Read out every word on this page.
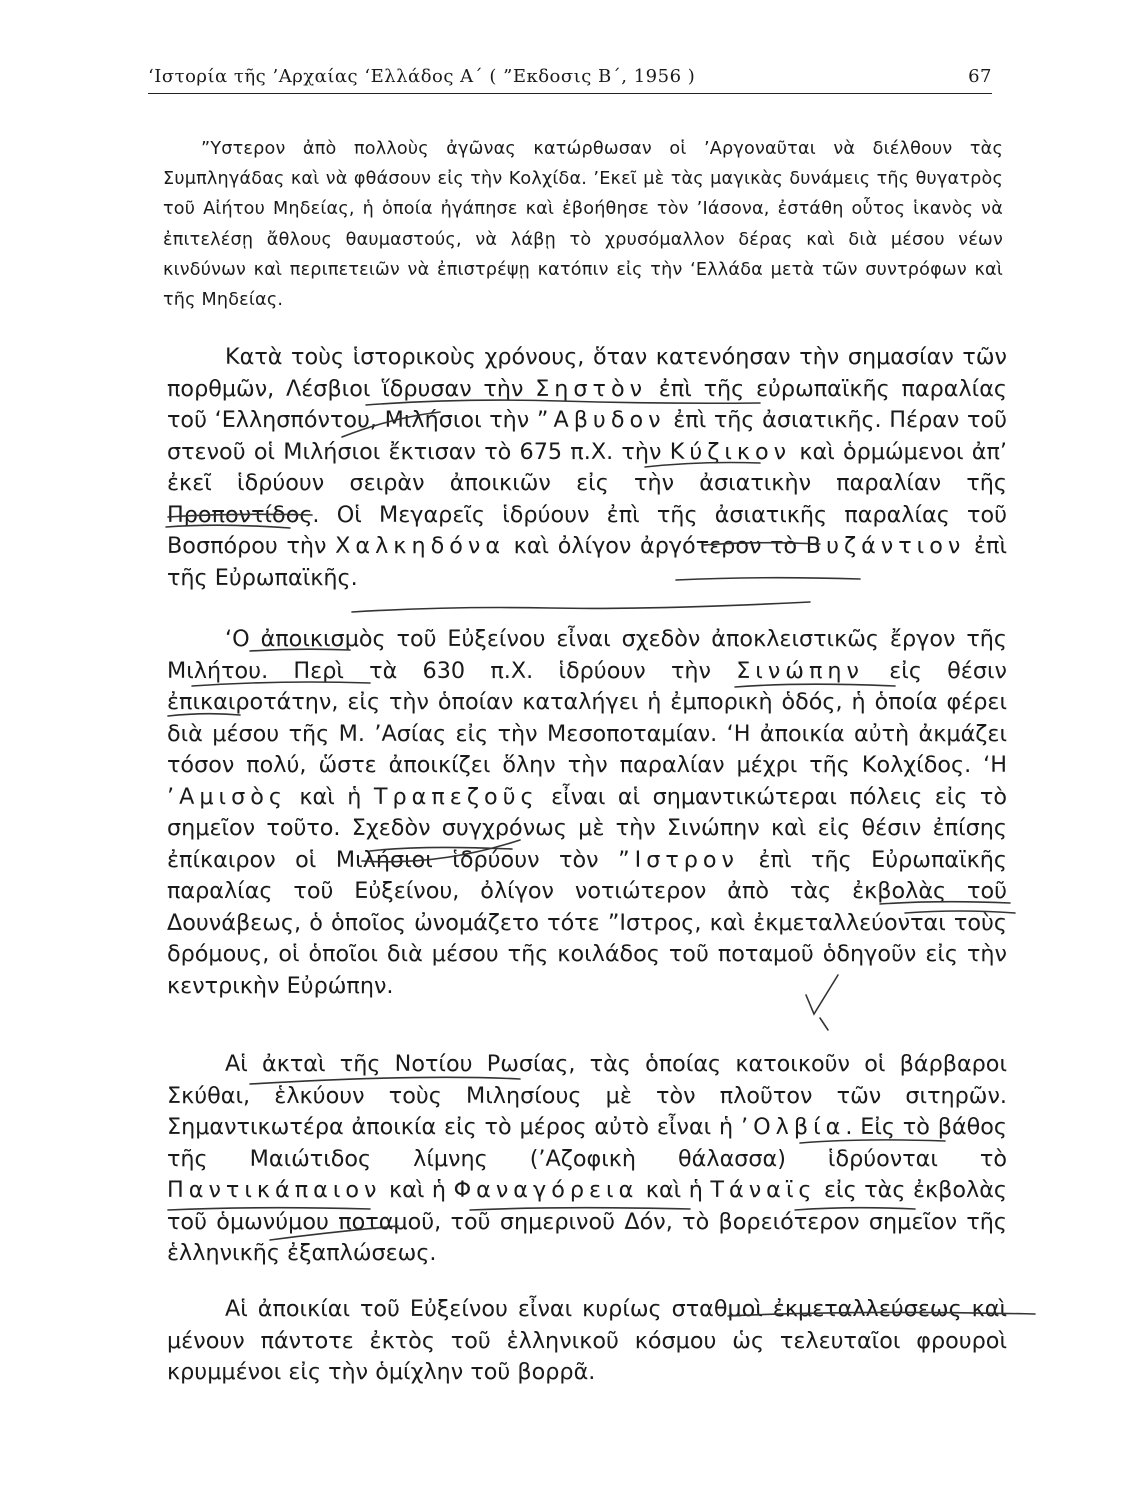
‘Ιστορία τῆς ’Αρχαίας ‘Ελλάδος Α΄ ( ”Εκδοσις Β΄, 1956 )	67
”Υστερον ἀπὸ πολλοὺς ἀγῶνας κατώρθωσαν οἱ ’Αργοναῦται νὰ διέλθουν τὰς Συμπληγάδας καὶ νὰ φθάσουν εἰς τὴν Κολχίδα. ’Εκεῖ μὲ τὰς μαγικὰς δυνάμεις τῆς θυγατρὸς τοῦ Αἰήτου Μηδείας, ἡ ὁποία ἠγάπησε καὶ ἐβοήθησε τὸν ’Ιάσονα, ἐστάθη οὗτος ἱκανὸς νὰ ἐπιτελέσῃ ἄθλους θαυμαστούς, νὰ λάβῃ τὸ χρυσόμαλλον δέρας καὶ διὰ μέσου νέων κινδύνων καὶ περιπετειῶν νὰ ἐπιστρέψῃ κατόπιν εἰς τὴν ‘Ελλάδα μετὰ τῶν συντρόφων καὶ τῆς Μηδείας.

Κατὰ τοὺς ἱστορικοὺς χρόνους, ὅταν κατενόησαν τὴν σημασίαν τῶν πορθμῶν, Λέσβιοι ἵδρυσαν τὴν Σηστὸν ἐπὶ τῆς εὐρωπαϊκῆς παραλίας τοῦ ‘Ελλησπόντου, Μιλήσιοι τὴν ”Αβυδον ἐπὶ τῆς ἀσιατικῆς. Πέραν τοῦ στενοῦ οἱ Μιλήσιοι ἔκτισαν τὸ 675 π.Χ. τὴν Κύζικον καὶ ὁρμώμενοι ἀπ’ ἐκεῖ ἱδρύουν σειρὰν ἀποικιῶν εἰς τὴν ἀσιατικὴν παραλίαν τῆς Προποντίδος. Οἱ Μεγαρεῖς ἱδρύουν ἐπὶ τῆς ἀσιατικῆς παραλίας τοῦ Βοσπόρου τὴν Χαλκηδόνα καὶ ὀλίγον ἀργότερον τὸ Βυζάντιον ἐπὶ τῆς Εὐρωπαϊκῆς.

‘Ο ἀποικισμὸς τοῦ Εὐξείνου εἶναι σχεδὸν ἀποκλειστικῶς ἔργον τῆς Μιλήτου. Περὶ τὰ 630 π.Χ. ἱδρύουν τὴν Σινώπην εἰς θέσιν ἐπικαιροτάτην, εἰς τὴν ὁποίαν καταλήγει ἡ ἐμπορικὴ ὁδός, ἡ ὁποία φέρει διὰ μέσου τῆς Μ. ’Ασίας εἰς τὴν Μεσοποταμίαν. ‘Η ἀποικία αὐτὴ ἀκμάζει τόσον πολύ, ὥστε ἀποικίζει ὅλην τὴν παραλίαν μέχρι τῆς Κολχίδος. ‘Η ’Αμισὸς καὶ ἡ Τραπεζοῦς εἶναι αἱ σημαντικώτεραι πόλεις εἰς τὸ σημεῖον τοῦτο. Σχεδὸν συγχρόνως μὲ τὴν Σινώπην καὶ εἰς θέσιν ἐπίσης ἐπίκαιρον οἱ Μιλήσιοι ἱδρύουν τὸν ”Ιστρον ἐπὶ τῆς Εὐρωπαϊκῆς παραλίας τοῦ Εὐξείνου, ὀλίγον νοτιώτερον ἀπὸ τὰς ἐκβολὰς τοῦ Δουνάβεως, ὁ ὁποῖος ὠνομάζετο τότε ”Ιστρος, καὶ ἐκμεταλλεύονται τοὺς δρόμους, οἱ ὁποῖοι διὰ μέσου τῆς κοιλάδος τοῦ ποταμοῦ ὁδηγοῦν εἰς τὴν κεντρικὴν Εὐρώπην.

Αἱ ἀκταὶ τῆς Νοτίου Ρωσίας, τὰς ὁποίας κατοικοῦν οἱ βάρβαροι Σκύθαι, ἑλκύουν τοὺς Μιλησίους μὲ τὸν πλοῦτον τῶν σιτηρῶν. Σημαντικωτέρα ἀποικία εἰς τὸ μέρος αὐτὸ εἶναι ἡ ’Ολβία. Εἰς τὸ βάθος τῆς Μαιώτιδος λίμνης (’Αζοφικὴ θάλασσα) ἱδρύονται τὸ Παντικάπαιον καὶ ἡ Φαναγόρεια καὶ ἡ Τάναϊς εἰς τὰς ἐκβολὰς τοῦ ὁμωνύμου ποταμοῦ, τοῦ σημερινοῦ Δόν, τὸ βορειότερον σημεῖον τῆς ἑλληνικῆς ἐξαπλώσεως.

Αἱ ἀποικίαι τοῦ Εὐξείνου εἶναι κυρίως σταθμοὶ ἐκμεταλλεύσεως καὶ μένουν πάντοτε ἐκτὸς τοῦ ἑλληνικοῦ κόσμου ὡς τελευταῖοι φρουροὶ κρυμμένοι εἰς τὴν ὁμίχλην τοῦ βορρᾶ.
